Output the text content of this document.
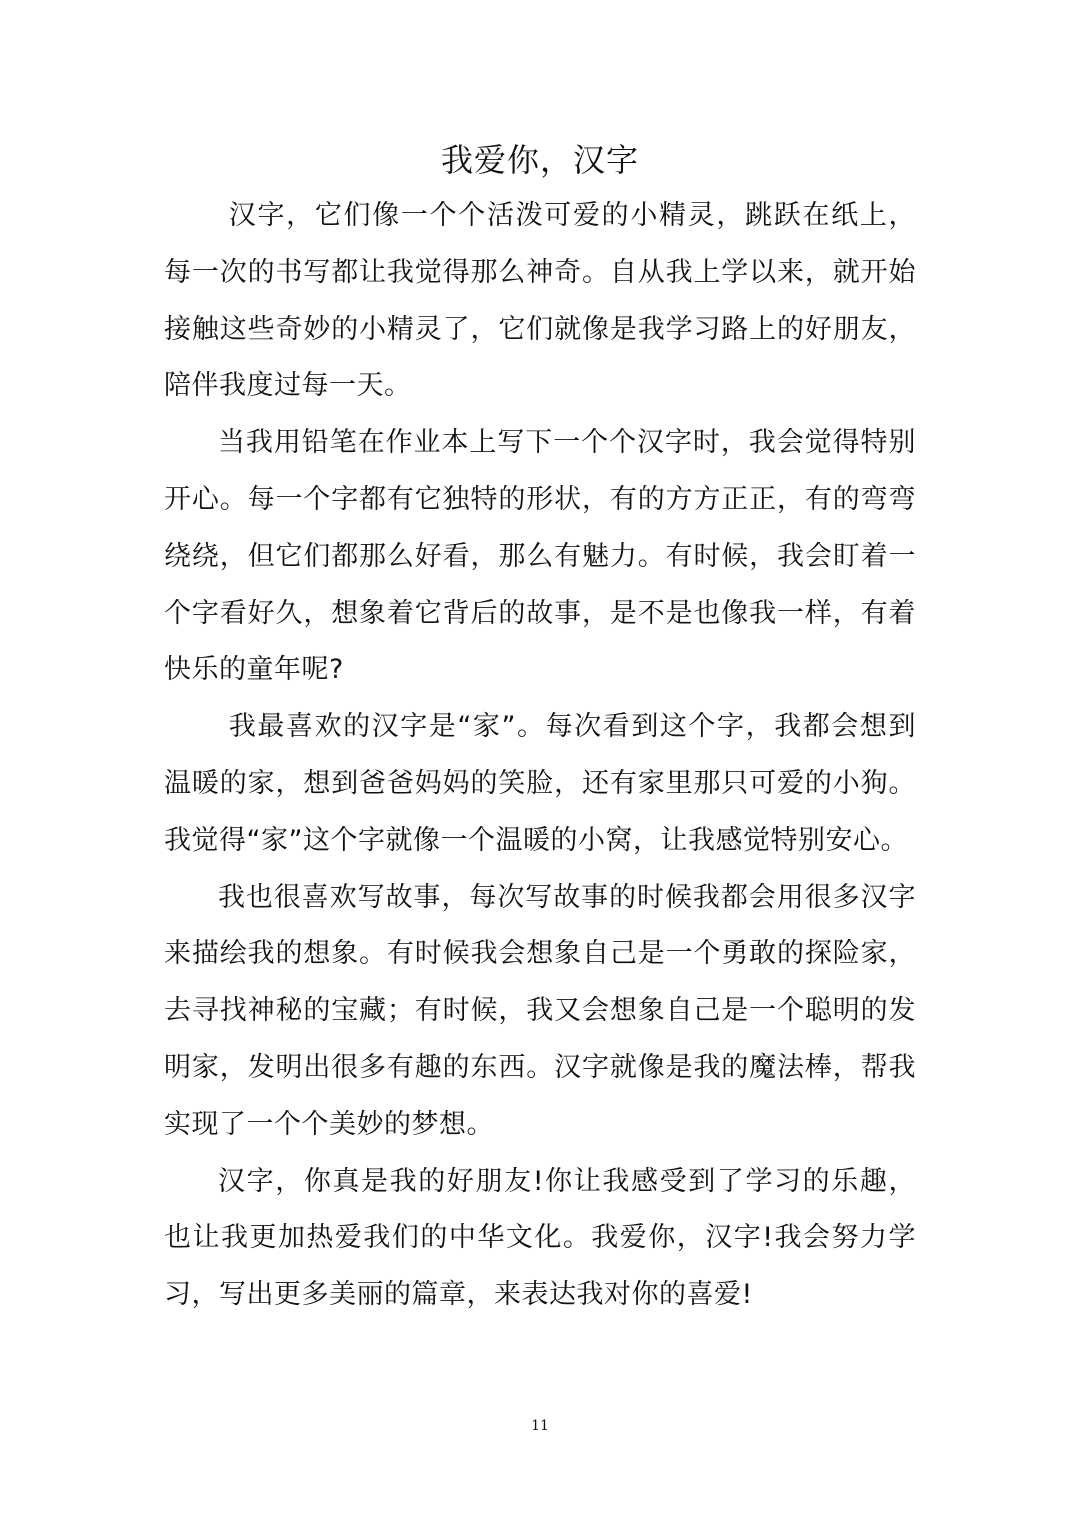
我爱你，汉字

汉字，它们像一个个活泼可爱的小精灵，跳跃在纸上，每一次的书写都让我觉得那么神奇。自从我上学以来，就开始接触这些奇妙的小精灵了，它们就像是我学习路上的好朋友，陪伴我度过每一天。

当我用铅笔在作业本上写下一个个汉字时，我会觉得特别开心。每一个字都有它独特的形状，有的方方正正，有的弯弯绕绕，但它们都那么好看，那么有魅力。有时候，我会盯着一个字看好久，想象着它背后的故事，是不是也像我一样，有着快乐的童年呢?

我最喜欢的汉字是“家”。每次看到这个字，我都会想到温暖的家，想到爸爸妈妈的笑脸，还有家里那只可爱的小狗。我觉得“家”这个字就像一个温暖的小窝，让我感觉特别安心。

我也很喜欢写故事，每次写故事的时候我都会用很多汉字来描绘我的想象。有时候我会想象自己是一个勇敢的探险家，去寻找神秘的宝藏；有时候，我又会想象自己是一个聪明的发明家，发明出很多有趣的东西。汉字就像是我的魔法棒，帮我实现了一个个美妙的梦想。

汉字，你真是我的好朋友!你让我感受到了学习的乐趣，也让我更加热爱我们的中华文化。我爱你，汉字!我会努力学习，写出更多美丽的篇章，来表达我对你的喜爱!

11
